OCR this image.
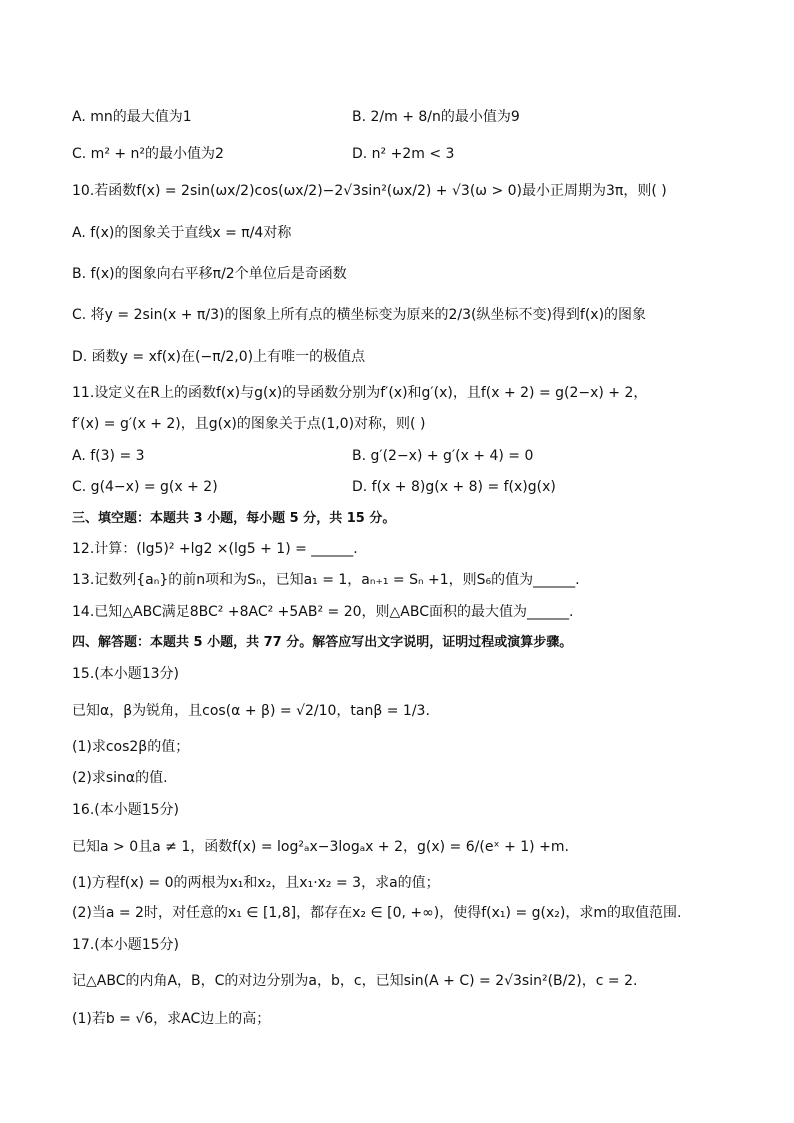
A. mn的最大值为1	B. 2/m + 8/n的最小值为9
C. m² + n²的最小值为2	D. n² +2m < 3
10.若函数f(x) = 2sin(ωx/2)cos(ωx/2)−2√3sin²(ωx/2) + √3(ω > 0)最小正周期为3π，则( )
A. f(x)的图象关于直线x = π/4对称
B. f(x)的图象向右平移π/2个单位后是奇函数
C. 将y = 2sin(x + π/3)的图象上所有点的横坐标变为原来的2/3(纵坐标不变)得到f(x)的图象
D. 函数y = xf(x)在(−π/2,0)上有唯一的极值点
11.设定义在R上的函数f(x)与g(x)的导函数分别为f′(x)和g′(x)，且f(x + 2) = g(2−x) + 2，
f′(x) = g′(x + 2)，且g(x)的图象关于点(1,0)对称，则( )
A. f(3) = 3	B. g′(2−x) + g′(x + 4) = 0
C. g(4−x) = g(x + 2)	D. f(x + 8)g(x + 8) = f(x)g(x)
三、填空题：本题共 3 小题，每小题 5 分，共 15 分。
12.计算：(lg5)² +lg2 ×(lg5 + 1) = ______.
13.记数列{aₙ}的前n项和为Sₙ，已知a₁ = 1，aₙ₊₁ = Sₙ +1，则S₆的值为______.
14.已知△ABC满足8BC² +8AC² +5AB² = 20，则△ABC面积的最大值为______.
四、解答题：本题共 5 小题，共 77 分。解答应写出文字说明，证明过程或演算步骤。
15.(本小题13分)
已知α，β为锐角，且cos(α + β) = √2/10，tanβ = 1/3.
(1)求cos2β的值；
(2)求sinα的值.
16.(本小题15分)
已知a > 0且a ≠ 1，函数f(x) = log²ₐx−3logₐx + 2，g(x) = 6/(eˣ + 1) +m.
(1)方程f(x) = 0的两根为x₁和x₂，且x₁·x₂ = 3，求a的值；
(2)当a = 2时，对任意的x₁ ∈ [1,8]，都存在x₂ ∈ [0, +∞)，使得f(x₁) = g(x₂)，求m的取值范围.
17.(本小题15分)
记△ABC的内角A，B，C的对边分别为a，b，c，已知sin(A + C) = 2√3sin²(B/2)，c = 2.
(1)若b = √6，求AC边上的高；
